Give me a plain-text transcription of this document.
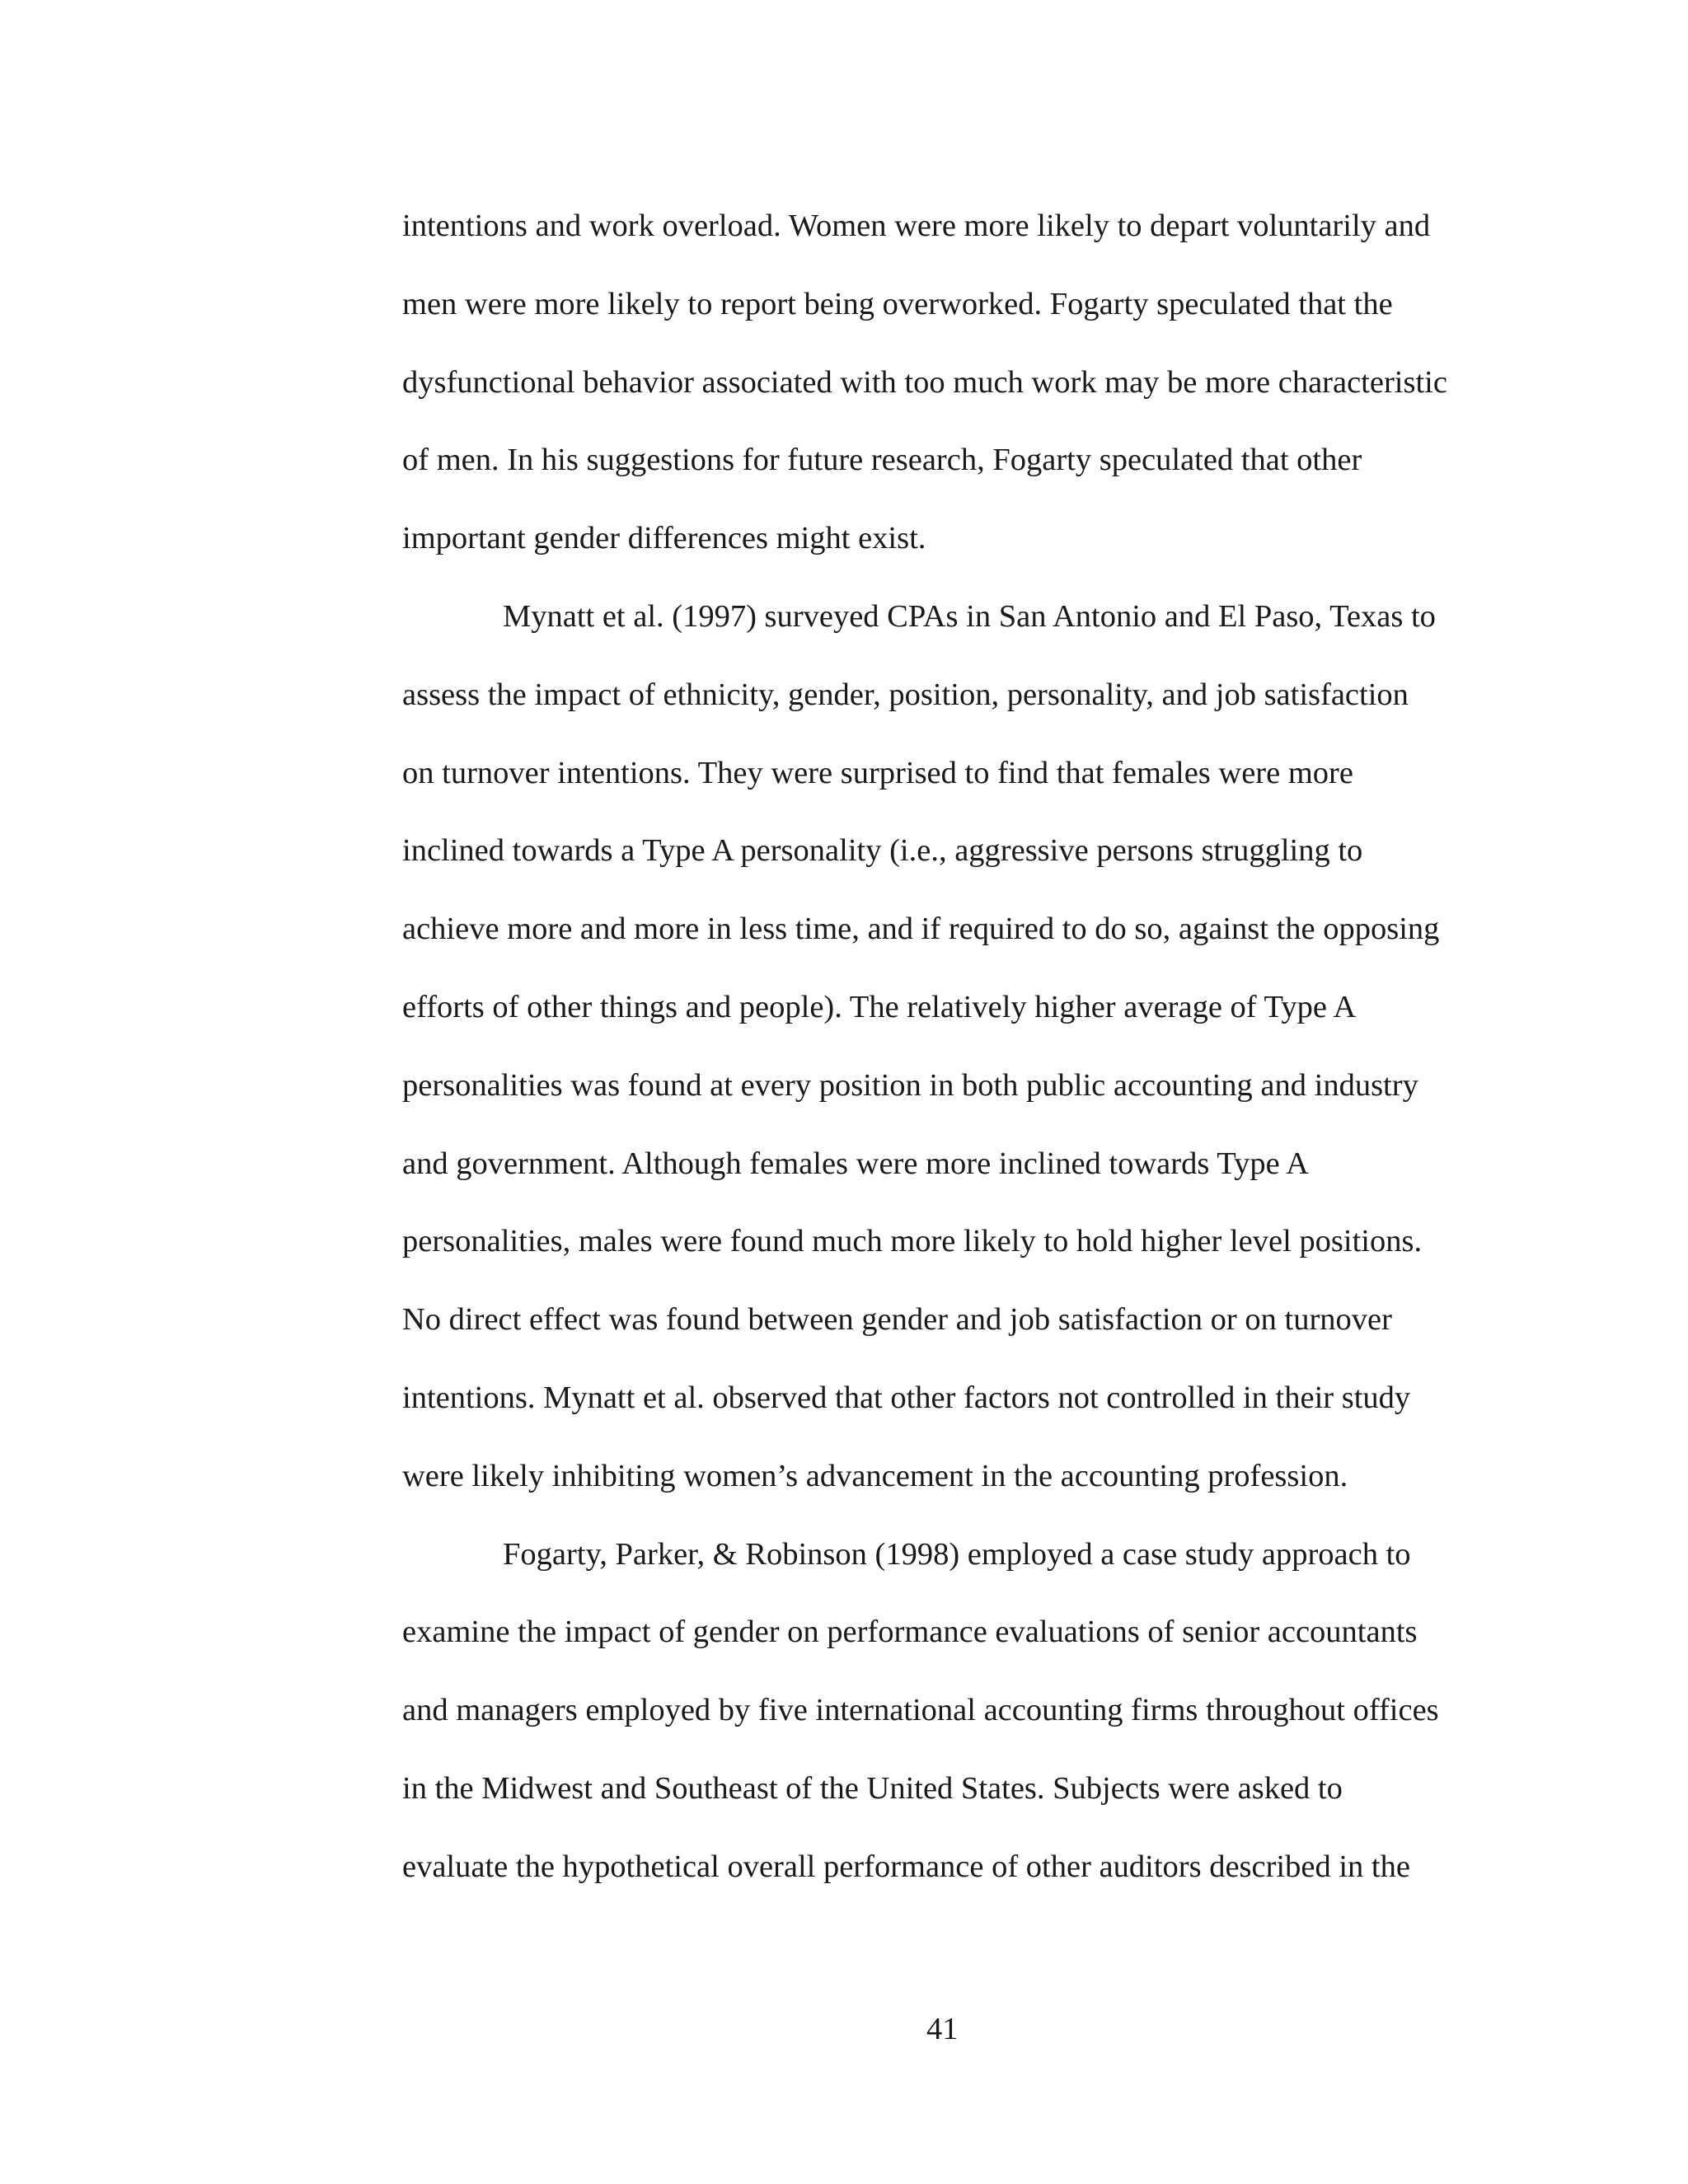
intentions and work overload. Women were more likely to depart voluntarily and
men were more likely to report being overworked. Fogarty speculated that the
dysfunctional behavior associated with too much work may be more characteristic
of men. In his suggestions for future research, Fogarty speculated that other
important gender differences might exist.
Mynatt et al. (1997) surveyed CPAs in San Antonio and El Paso, Texas to
assess the impact of ethnicity, gender, position, personality, and job satisfaction
on turnover intentions. They were surprised to find that females were more
inclined towards a Type A personality (i.e., aggressive persons struggling to
achieve more and more in less time, and if required to do so, against the opposing
efforts of other things and people). The relatively higher average of Type A
personalities was found at every position in both public accounting and industry
and government. Although females were more inclined towards Type A
personalities, males were found much more likely to hold higher level positions.
No direct effect was found between gender and job satisfaction or on turnover
intentions. Mynatt et al. observed that other factors not controlled in their study
were likely inhibiting women’s advancement in the accounting profession.
Fogarty, Parker, & Robinson (1998) employed a case study approach to
examine the impact of gender on performance evaluations of senior accountants
and managers employed by five international accounting firms throughout offices
in the Midwest and Southeast of the United States. Subjects were asked to
evaluate the hypothetical overall performance of other auditors described in the
41
